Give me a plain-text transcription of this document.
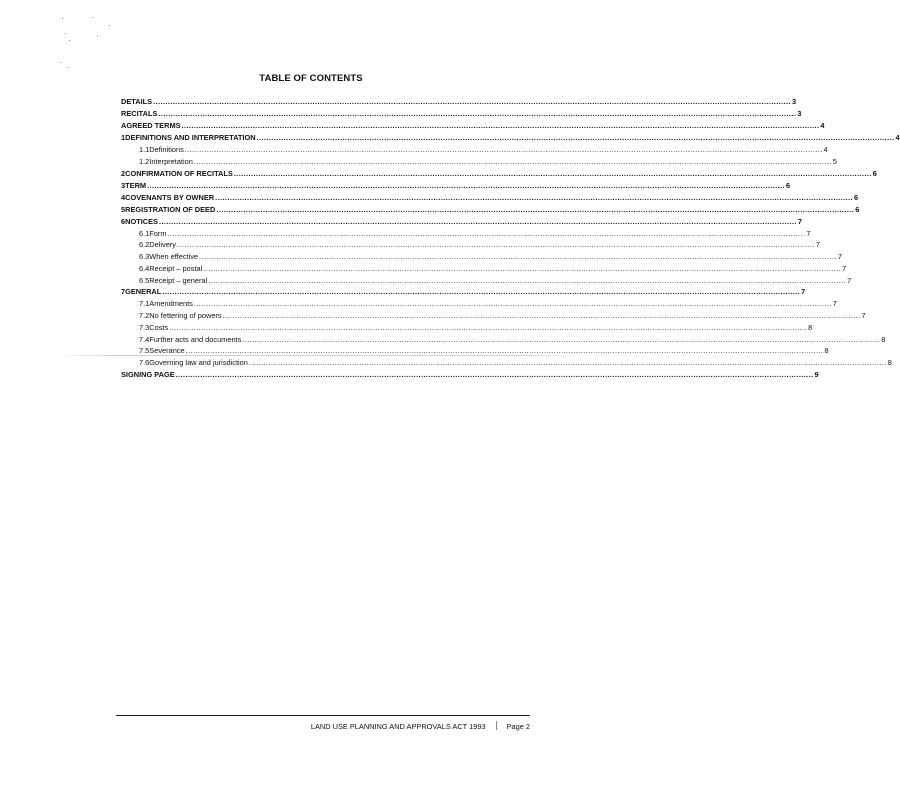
TABLE OF CONTENTS
DETAILS .................................................................................................................................................................................................................................................................... 3
RECITALS .................................................................................................................................................................................................................................................................... 3
AGREED TERMS .................................................................................................................................................................................................................................................................... 4
1 DEFINITIONS AND INTERPRETATION .................................................................................................................................................................................................................................................................... 4
1.1 Definitions .................................................................................................................................................................................................................................................................... 4
1.2 Interpretation .................................................................................................................................................................................................................................................................... 5
2 CONFIRMATION OF RECITALS .................................................................................................................................................................................................................................................................... 6
3 TERM .................................................................................................................................................................................................................................................................... 6
4 COVENANTS BY OWNER .................................................................................................................................................................................................................................................................... 6
5 REGISTRATION OF DEED .................................................................................................................................................................................................................................................................... 6
6 NOTICES .................................................................................................................................................................................................................................................................... 7
6.1 Form .................................................................................................................................................................................................................................................................... 7
6.2 Delivery .................................................................................................................................................................................................................................................................... 7
6.3 When effective .................................................................................................................................................................................................................................................................... 7
6.4 Receipt – postal .................................................................................................................................................................................................................................................................... 7
6.5 Receipt – general .................................................................................................................................................................................................................................................................... 7
7 GENERAL .................................................................................................................................................................................................................................................................... 7
7.1 Amendments .................................................................................................................................................................................................................................................................... 7
7.2 No fettering of powers .................................................................................................................................................................................................................................................................... 7
7.3 Costs .................................................................................................................................................................................................................................................................... 8
7.4 Further acts and documents .................................................................................................................................................................................................................................................................... 8
7.5 Severance .................................................................................................................................................................................................................................................................... 8
7.6 Governing law and jurisdiction .................................................................................................................................................................................................................................................................... 8
SIGNING PAGE .................................................................................................................................................................................................................................................................... 9
LAND USE PLANNING AND APPROVALS ACT 1993	Page 2
